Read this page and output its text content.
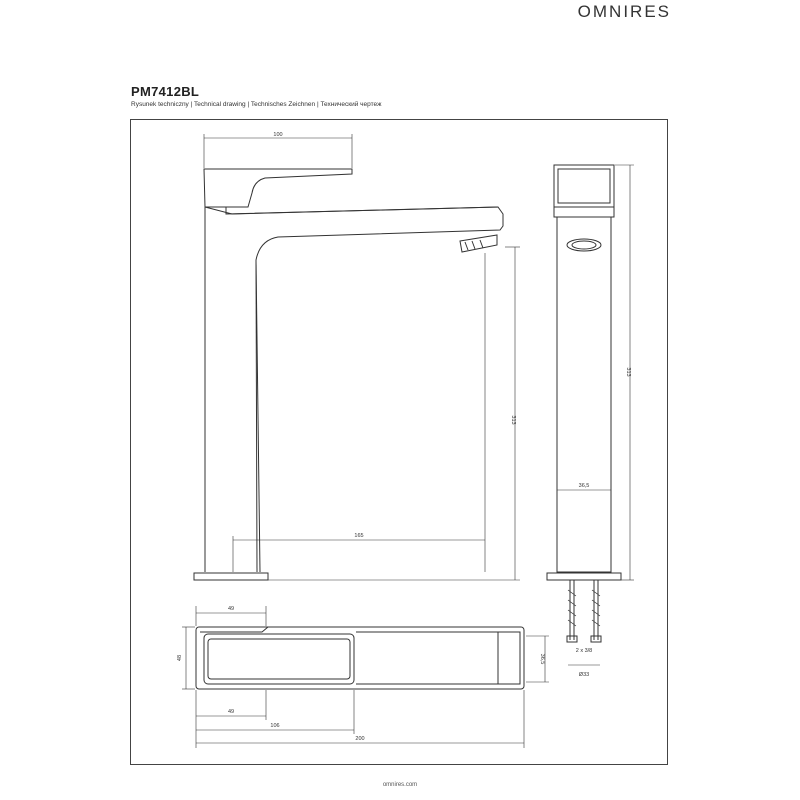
OMNIRES
PM7412BL
Rysunek techniczny | Technical drawing | Technisches Zeichnen | Технический чертеж
100
165
313
313
36,5
2 x 3/8
Ø33
49
48
49
106
200
36,5
omnires.com
